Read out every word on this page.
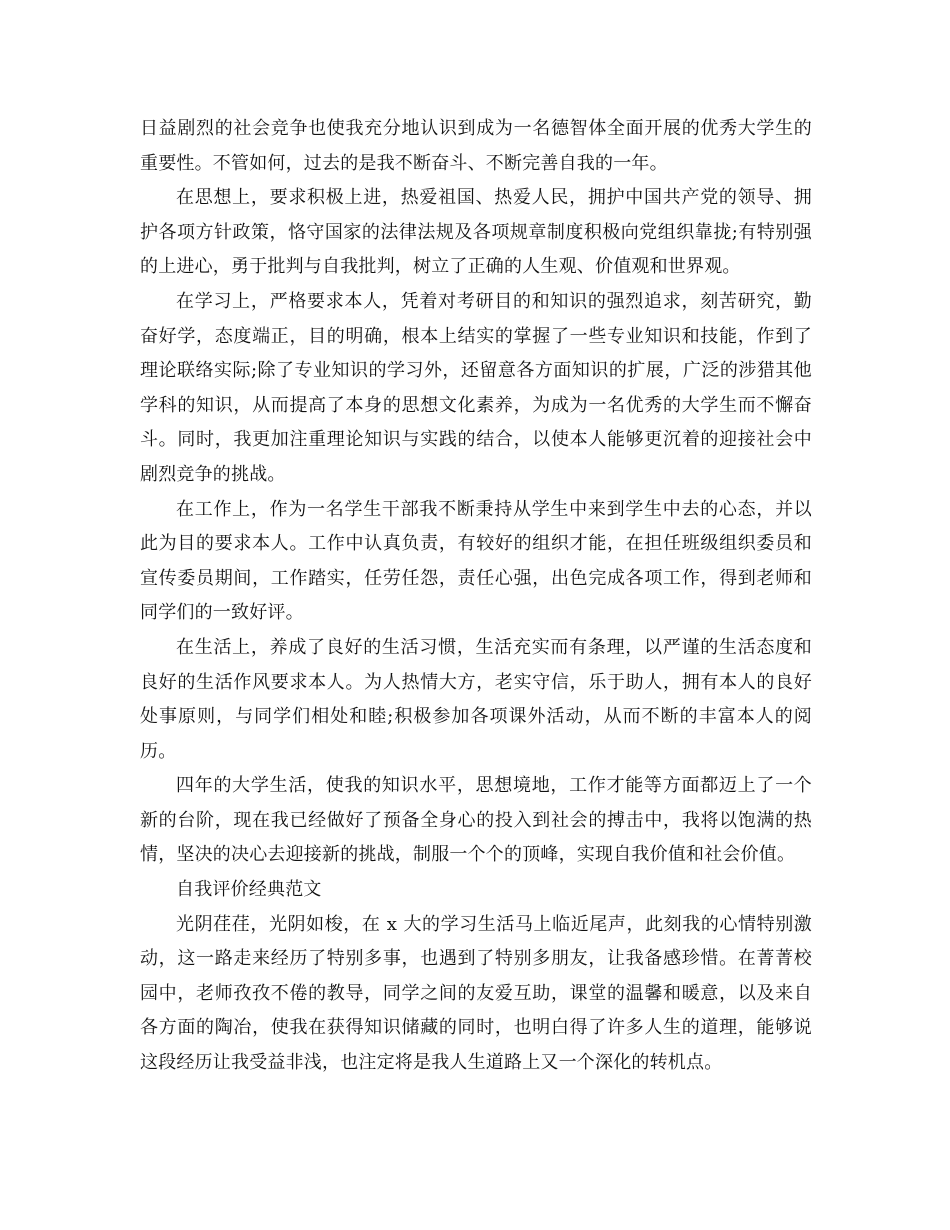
日益剧烈的社会竞争也使我充分地认识到成为一名德智体全面开展的优秀大学生的重要性。不管如何，过去的是我不断奋斗、不断完善自我的一年。

在思想上，要求积极上进，热爱祖国、热爱人民，拥护中国共产党的领导、拥护各项方针政策，恪守国家的法律法规及各项规章制度积极向党组织靠拢;有特别强的上进心，勇于批判与自我批判，树立了正确的人生观、价值观和世界观。

在学习上，严格要求本人，凭着对考研目的和知识的强烈追求，刻苦研究，勤奋好学，态度端正，目的明确，根本上结实的掌握了一些专业知识和技能，作到了理论联络实际;除了专业知识的学习外，还留意各方面知识的扩展，广泛的涉猎其他学科的知识，从而提高了本身的思想文化素养，为成为一名优秀的大学生而不懈奋斗。同时，我更加注重理论知识与实践的结合，以使本人能够更沉着的迎接社会中剧烈竞争的挑战。

在工作上，作为一名学生干部我不断秉持从学生中来到学生中去的心态，并以此为目的要求本人。工作中认真负责，有较好的组织才能，在担任班级组织委员和宣传委员期间，工作踏实，任劳任怨，责任心强，出色完成各项工作，得到老师和同学们的一致好评。

在生活上，养成了良好的生活习惯，生活充实而有条理，以严谨的生活态度和良好的生活作风要求本人。为人热情大方，老实守信，乐于助人，拥有本人的良好处事原则，与同学们相处和睦;积极参加各项课外活动，从而不断的丰富本人的阅历。

四年的大学生活，使我的知识水平，思想境地，工作才能等方面都迈上了一个新的台阶，现在我已经做好了预备全身心的投入到社会的搏击中，我将以饱满的热情，坚决的决心去迎接新的挑战，制服一个个的顶峰，实现自我价值和社会价值。

自我评价经典范文

光阴荏荏，光阴如梭，在 x 大的学习生活马上临近尾声，此刻我的心情特别激动，这一路走来经历了特别多事，也遇到了特别多朋友，让我备感珍惜。在菁菁校园中，老师孜孜不倦的教导，同学之间的友爱互助，课堂的温馨和暖意，以及来自各方面的陶冶，使我在获得知识储藏的同时，也明白得了许多人生的道理，能够说这段经历让我受益非浅，也注定将是我人生道路上又一个深化的转机点。
